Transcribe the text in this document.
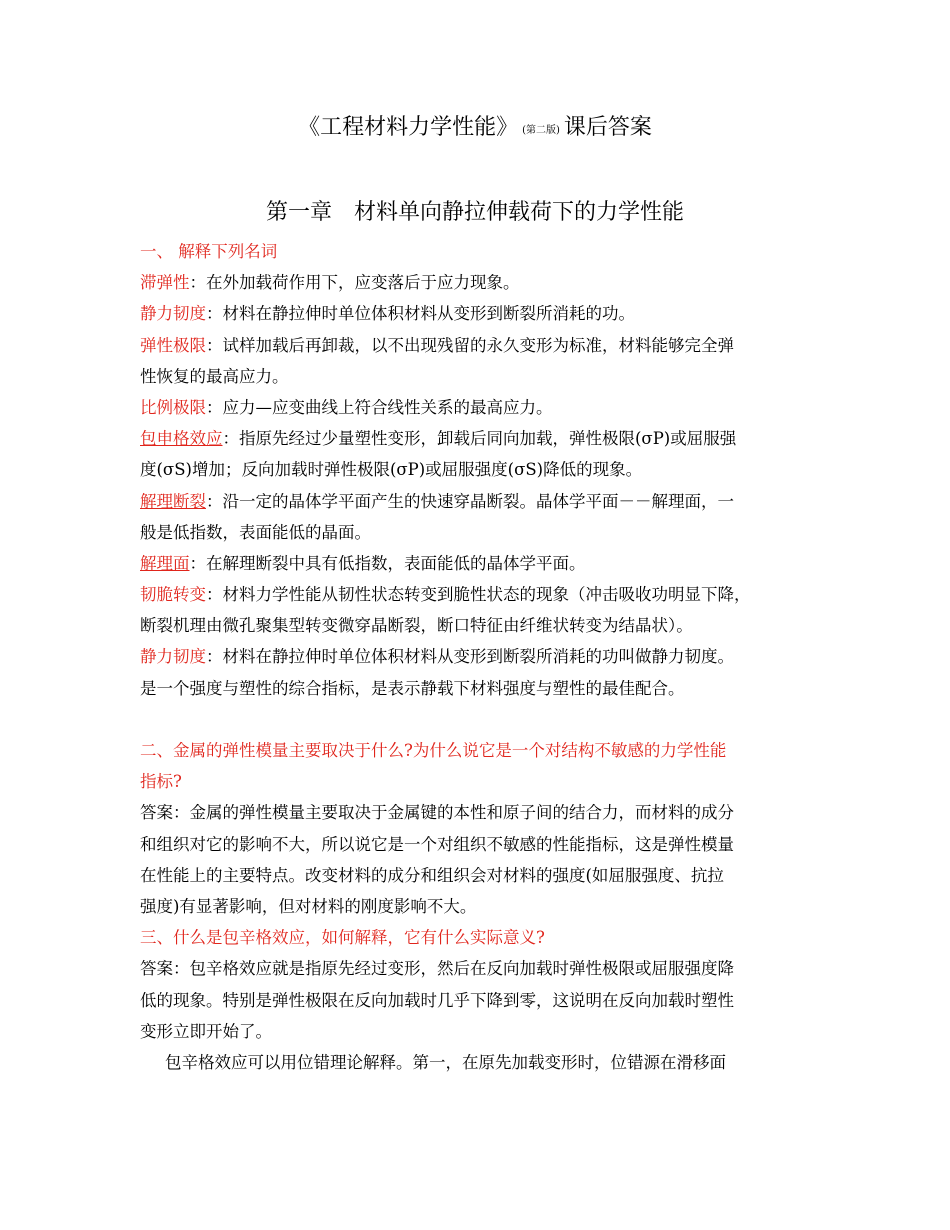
《工程材料力学性能》 (第二版) 课后答案
第一章　材料单向静拉伸载荷下的力学性能
一、 解释下列名词
滞弹性：在外加载荷作用下，应变落后于应力现象。
静力韧度：材料在静拉伸时单位体积材料从变形到断裂所消耗的功。
弹性极限：试样加载后再卸裁，以不出现残留的永久变形为标准，材料能够完全弹
性恢复的最高应力。
比例极限：应力—应变曲线上符合线性关系的最高应力。
包申格效应：指原先经过少量塑性变形，卸载后同向加载，弹性极限(σP)或屈服强
度(σS)增加；反向加载时弹性极限(σP)或屈服强度(σS)降低的现象。
解理断裂：沿一定的晶体学平面产生的快速穿晶断裂。晶体学平面－－解理面，一
般是低指数，表面能低的晶面。
解理面：在解理断裂中具有低指数，表面能低的晶体学平面。
韧脆转变：材料力学性能从韧性状态转变到脆性状态的现象（冲击吸收功明显下降，
断裂机理由微孔聚集型转变微穿晶断裂，断口特征由纤维状转变为结晶状）。
静力韧度：材料在静拉伸时单位体积材料从变形到断裂所消耗的功叫做静力韧度。
是一个强度与塑性的综合指标，是表示静载下材料强度与塑性的最佳配合。
二、金属的弹性模量主要取决于什么?为什么说它是一个对结构不敏感的力学性能
指标?
答案：金属的弹性模量主要取决于金属键的本性和原子间的结合力，而材料的成分
和组织对它的影响不大，所以说它是一个对组织不敏感的性能指标，这是弹性模量
在性能上的主要特点。改变材料的成分和组织会对材料的强度(如屈服强度、抗拉
强度)有显著影响，但对材料的刚度影响不大。
三、什么是包辛格效应，如何解释，它有什么实际意义?
答案：包辛格效应就是指原先经过变形，然后在反向加载时弹性极限或屈服强度降
低的现象。特别是弹性极限在反向加载时几乎下降到零，这说明在反向加载时塑性
变形立即开始了。
包辛格效应可以用位错理论解释。第一，在原先加载变形时，位错源在滑移面
